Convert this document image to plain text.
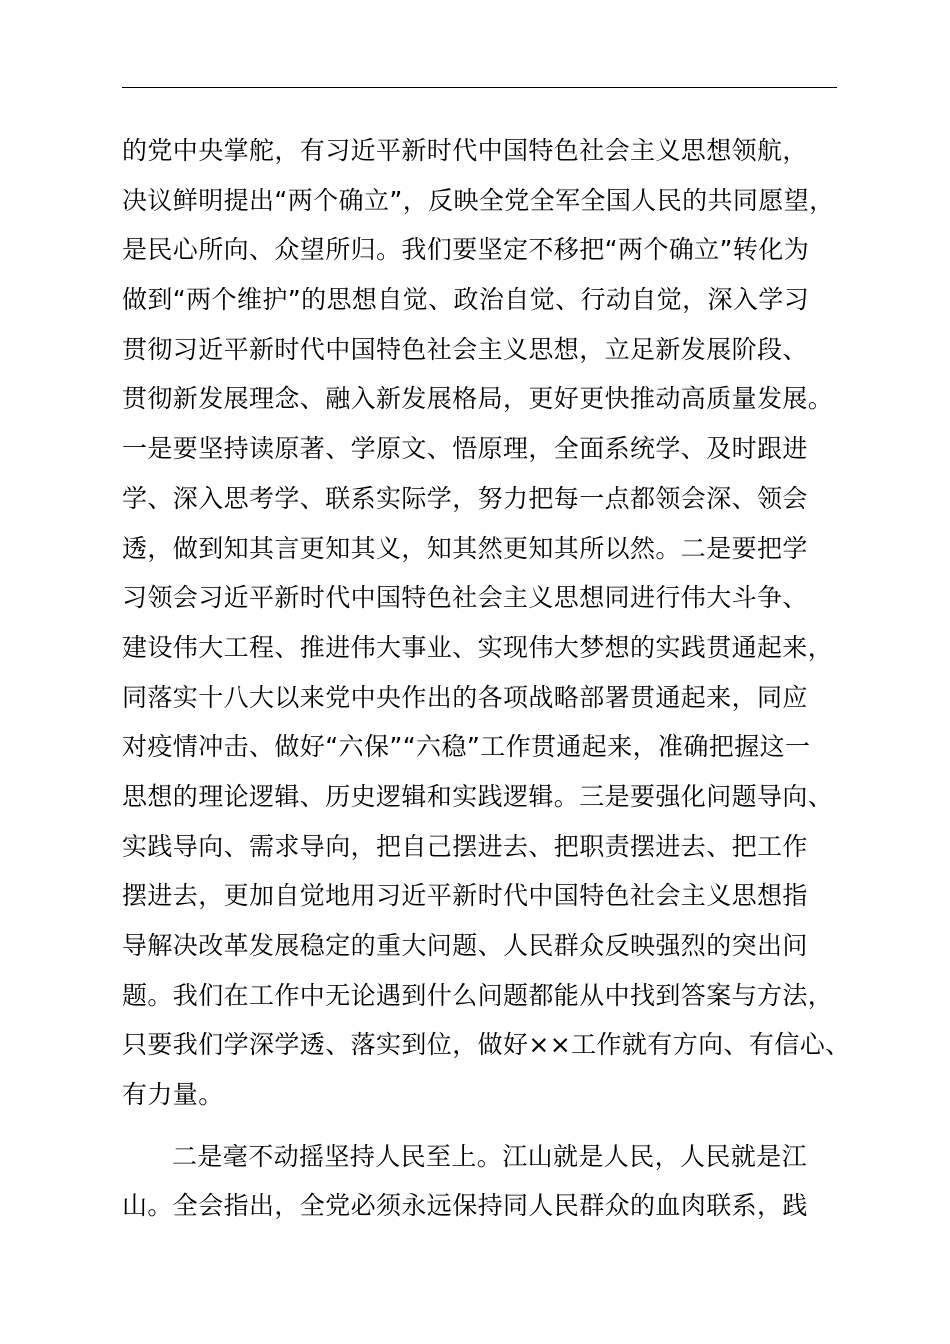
的党中央掌舵，有习近平新时代中国特色社会主义思想领航，
决议鲜明提出“两个确立”，反映全党全军全国人民的共同愿望，
是民心所向、众望所归。我们要坚定不移把“两个确立”转化为
做到“两个维护”的思想自觉、政治自觉、行动自觉，深入学习
贯彻习近平新时代中国特色社会主义思想，立足新发展阶段、
贯彻新发展理念、融入新发展格局，更好更快推动高质量发展。
一是要坚持读原著、学原文、悟原理，全面系统学、及时跟进
学、深入思考学、联系实际学，努力把每一点都领会深、领会
透，做到知其言更知其义，知其然更知其所以然。二是要把学
习领会习近平新时代中国特色社会主义思想同进行伟大斗争、
建设伟大工程、推进伟大事业、实现伟大梦想的实践贯通起来，
同落实十八大以来党中央作出的各项战略部署贯通起来，同应
对疫情冲击、做好“六保”“六稳”工作贯通起来，准确把握这一
思想的理论逻辑、历史逻辑和实践逻辑。三是要强化问题导向、
实践导向、需求导向，把自己摆进去、把职责摆进去、把工作
摆进去，更加自觉地用习近平新时代中国特色社会主义思想指
导解决改革发展稳定的重大问题、人民群众反映强烈的突出问
题。我们在工作中无论遇到什么问题都能从中找到答案与方法，
只要我们学深学透、落实到位，做好××工作就有方向、有信心、
有力量。
二是毫不动摇坚持人民至上。江山就是人民，人民就是江
山。全会指出，全党必须永远保持同人民群众的血肉联系，践
